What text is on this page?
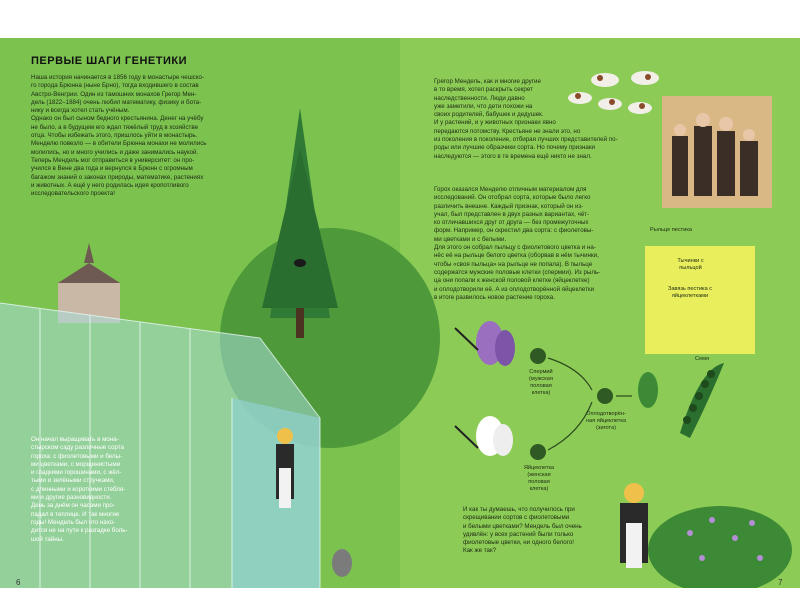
ПЕРВЫЕ ШАГИ ГЕНЕТИКИ
Наша история начинается в 1856 году в монастыре чешско-
го города Брюнна (ныне Брно), тогда входившего в состав
Австро-Венгрии. Один из тамошних монахов Грегор Мен-
дель (1822–1884) очень любил математику, физику и бота-
нику и всегда хотел стать учёным.
Однако он был сыном бедного крестьянина. Денег на учёбу
не было, а в будущем его ждал тяжёлый труд в хозяйстве
отца. Чтобы избежать этого, пришлось уйти в монастырь.
Менделю повезло — в обители Брюнна монахи не молились
молились, но и много учились и даже занимались наукой.
Теперь Мендель мог отправиться в университет: он про-
учился в Вене два года и вернулся в Брюнн с огромным
багажом знаний о законах природы, математике, растениях
и животных. А ещё у него родилась идея кропотливого
исследовательского проекта!
Он начал выращивать в мона-
стырском саду различные сорта
гороха: с фиолетовыми и белы-
ми цветками, с морщинистыми
и гладкими горошинами, с жёл-
тыми и зелёными стручками,
с длинными и короткими стебля-
ми и другие разновидности.
День за днём он часами про-
падал в теплице. И так многие
годы! Мендель был что нахо-
дится не на пути к разгадке боль-
шой тайны.
Грегор Мендель, как и многие другие
в то время, хотел раскрыть секрет
наследственности. Люди давно
уже заметили, что дети похожи на
своих родителей, бабушек и дедушек.
И у растений, и у животных признаки явно
передаются потомству. Крестьяне не знали это, но
из поколения в поколение, отбирая лучших представителей по-
роды или лучшие образчики сорта. Но почему признаки
наследуются — этого в те времена ещё никто не знал.
Горох оказался Менделю отличным материалом для
исследований. Он отобрал сорта, которые было легко
различить внешне. Каждый признак, который он из-
учал, был представлен в двух разных вариантах, чёт-
ко отличавшихся друг от друга — без промежуточных
форм. Например, он скрестил два сорта: с фиолетовы-
ми цветками и с белыми.
Для этого он собрал пыльцу с фиолетового цветка и на-
нёс её на рыльце белого цветка (оборвав в нём тычинки,
чтобы «своя пыльца» на рыльце не попала). В пыльце
содержатся мужские половые клетки (спермии). Из рыль-
ца они попали к женской половой клетке (яйцеклетке)
и оплодотворили её. А из оплодотворённой яйцеклетки
в итоге развилось новое растение гороха.
И как ты думаешь, что получилось при
скрещивании сортов с фиолетовыми
и белыми цветками? Мендель был очень
удивлён: у всех растений были только
фиолетовые цветки, ни одного белого!
Как же так?
Рыльце пестика
Тычинки с пыльцой
Завязь пестика с яйцеклетками
Спермий
(мужская
половая
клетка)
Яйцеклетка
(женская
половая
клетка)
Оплодотворён-
ная яйцеклетка
(зигота)
Семя
6	7
